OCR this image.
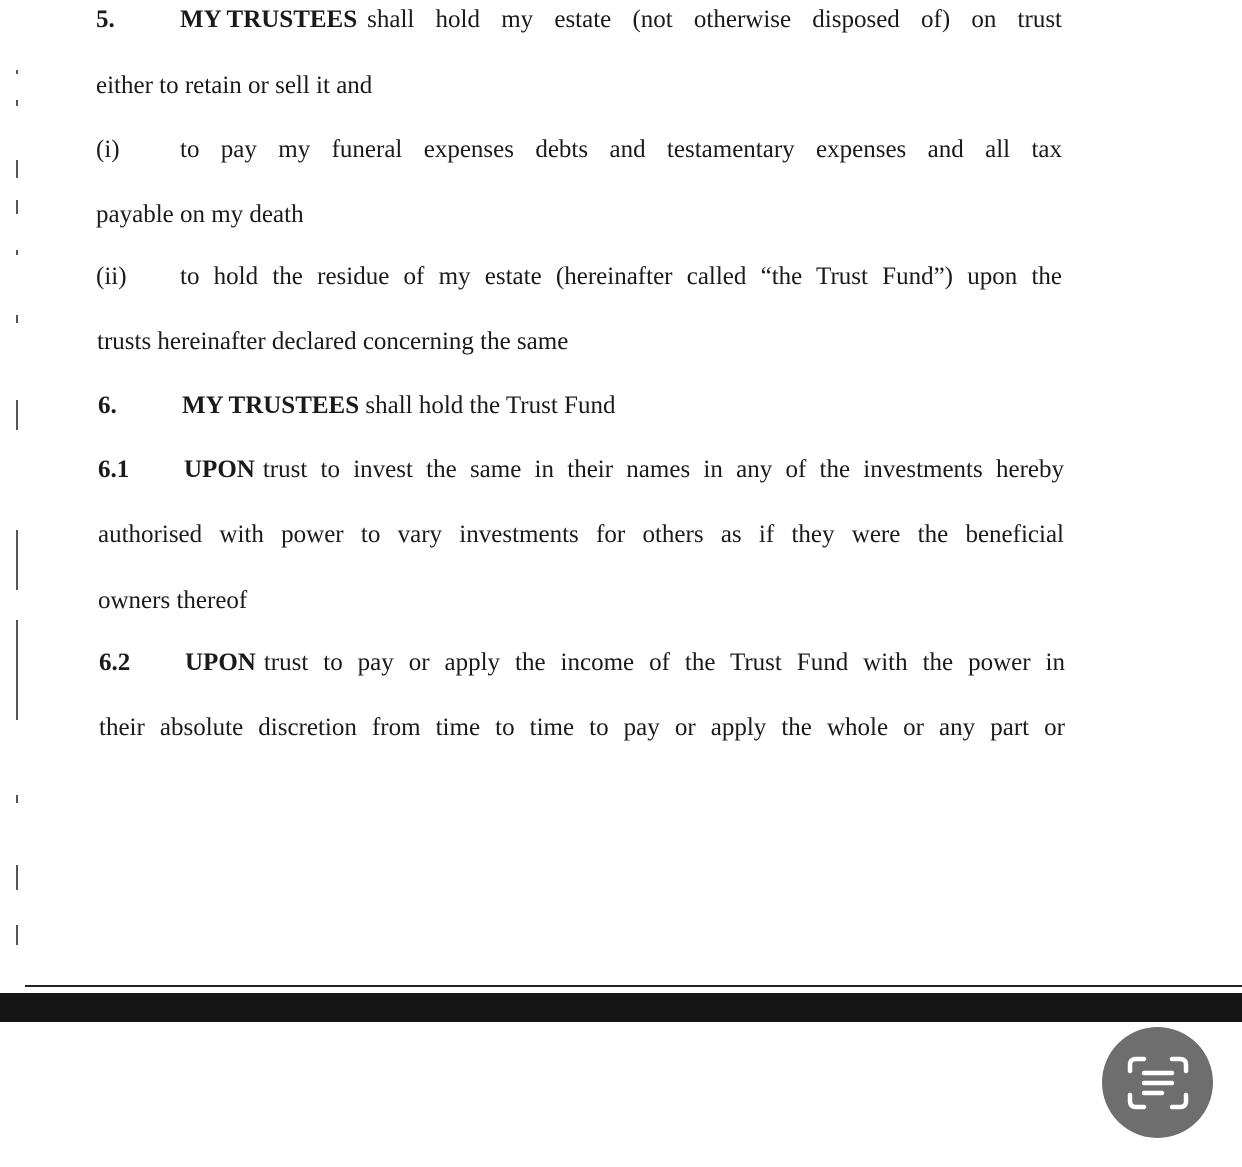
5.	MY TRUSTEES shall hold my estate (not otherwise disposed of) on trust
either to retain or sell it and
(i)	to pay my funeral expenses debts and testamentary expenses and all tax
payable on my death
(ii)	to hold the residue of my estate (hereinafter called “the Trust Fund”) upon the
trusts hereinafter declared concerning the same
6.	MY TRUSTEES shall hold the Trust Fund
6.1	UPON trust to invest the same in their names in any of the investments hereby
authorised with power to vary investments for others as if they were the beneficial
owners thereof
6.2	UPON trust to pay or apply the income of the Trust Fund with the power in
their absolute discretion from time to time to pay or apply the whole or any part or
